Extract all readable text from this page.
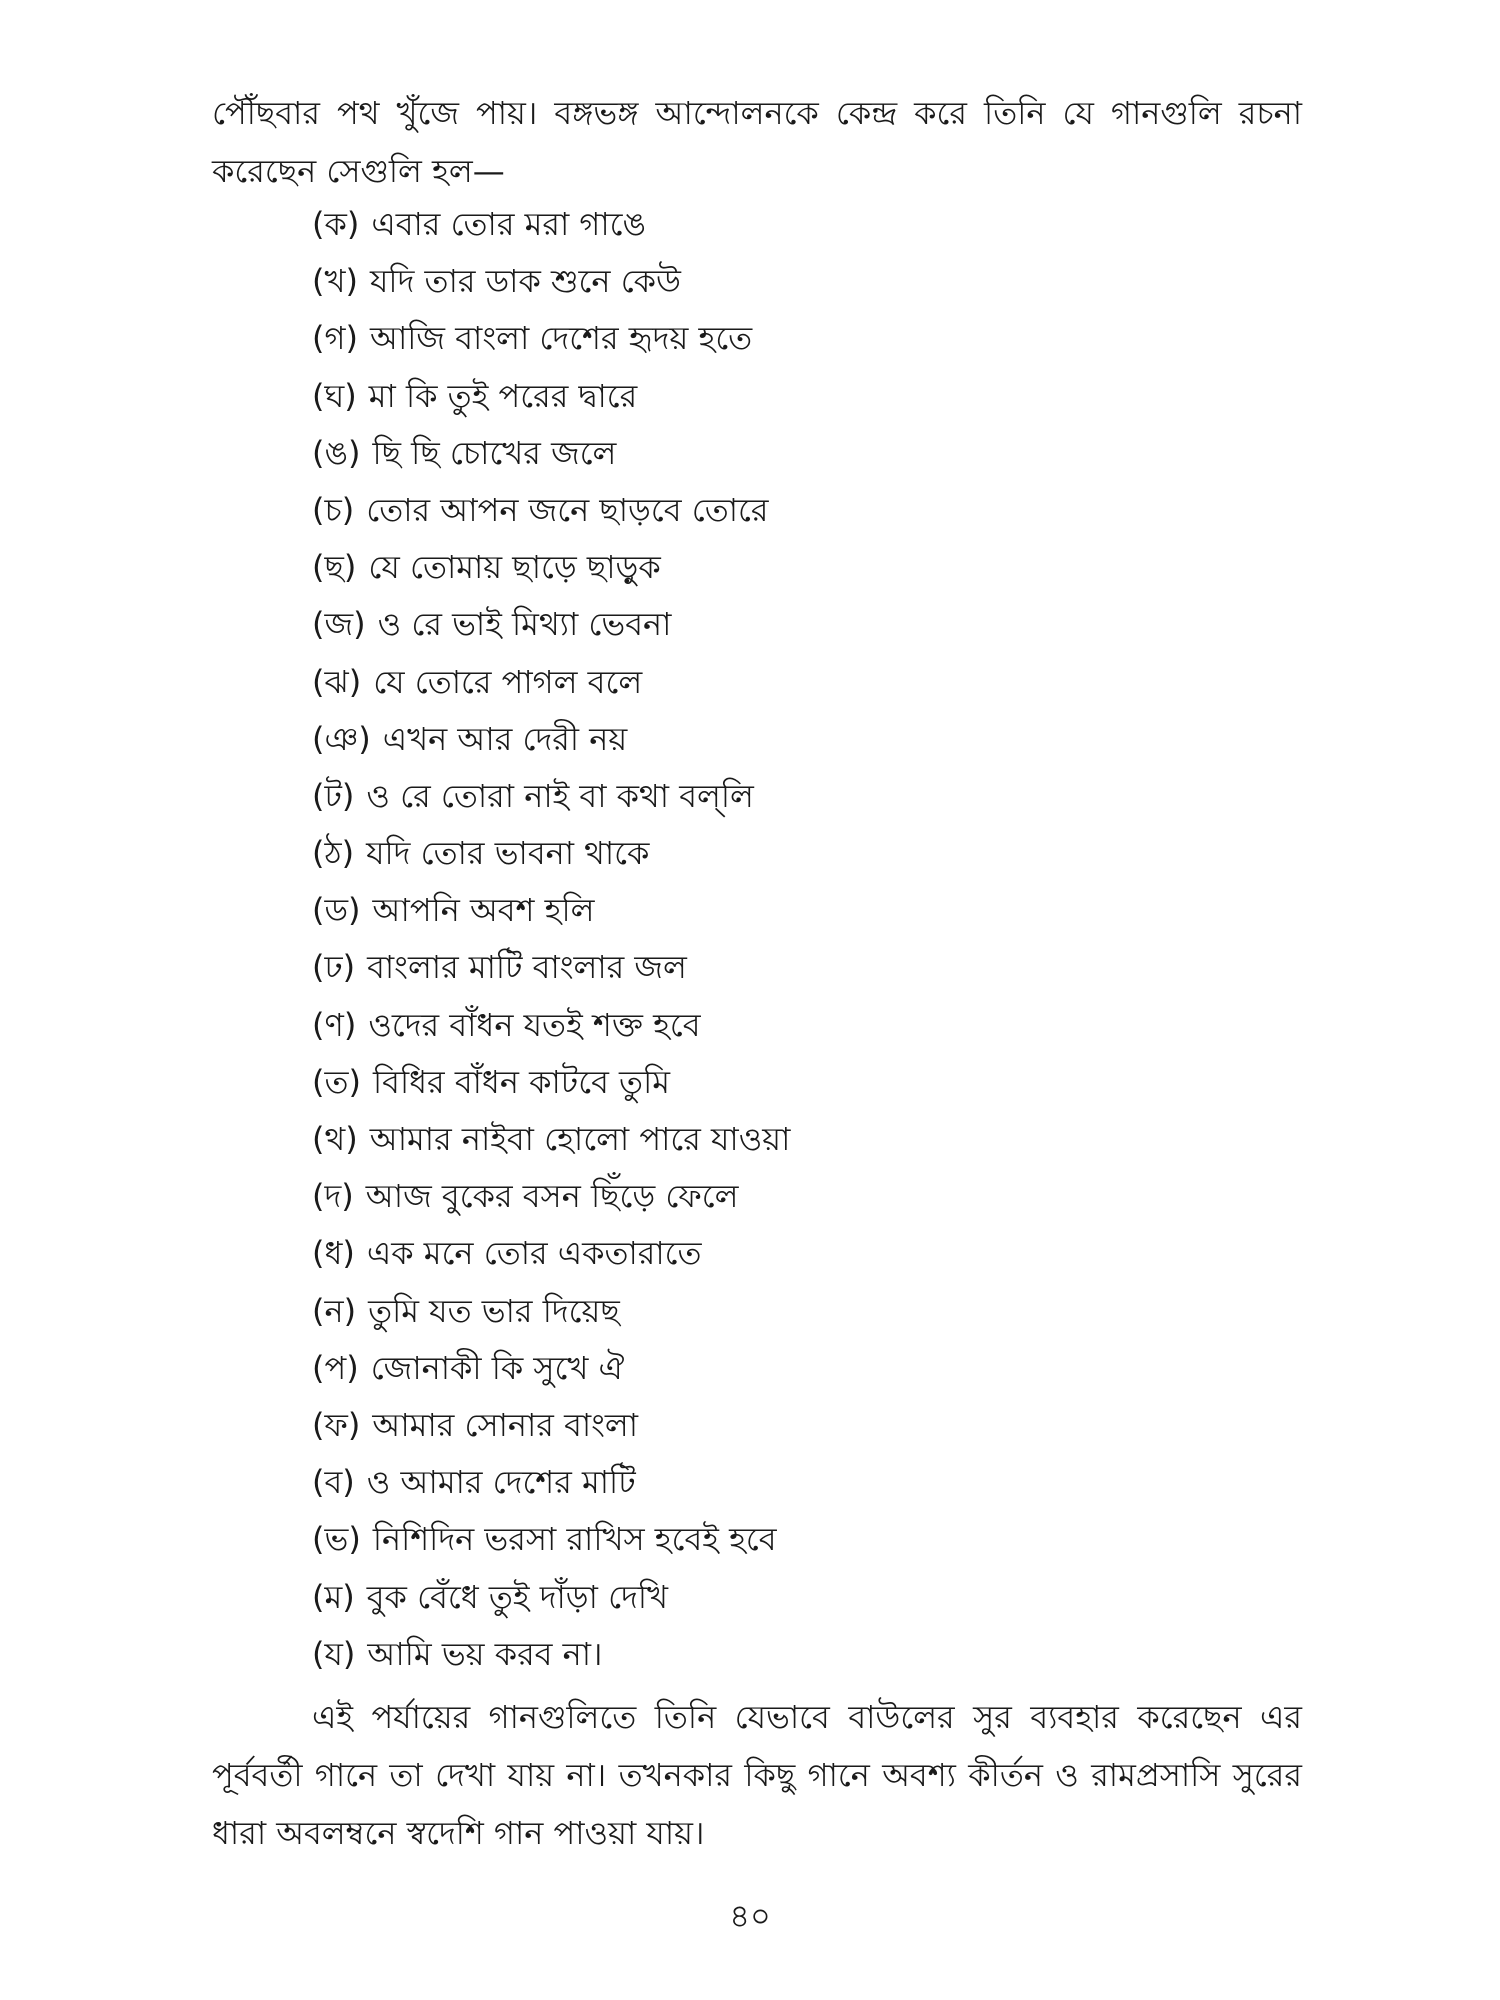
পৌঁছবার পথ খুঁজে পায়। বঙ্গভঙ্গ আন্দোলনকে কেন্দ্র করে তিনি যে গানগুলি রচনা করেছেন সেগুলি হল—

(ক) এবার তোর মরা গাঙে
(খ) যদি তার ডাক শুনে কেউ
(গ) আজি বাংলা দেশের হৃদয় হতে
(ঘ) মা কি তুই পরের দ্বারে
(ঙ) ছি ছি চোখের জলে
(চ) তোর আপন জনে ছাড়বে তোরে
(ছ) যে তোমায় ছাড়ে ছাড়ুক
(জ) ও রে ভাই মিথ্যা ভেবনা
(ঝ) যে তোরে পাগল বলে
(ঞ) এখন আর দেরী নয়
(ট) ও রে তোরা নাই বা কথা বল্‌লি
(ঠ) যদি তোর ভাবনা থাকে
(ড) আপনি অবশ হলি
(ঢ) বাংলার মাটি বাংলার জল
(ণ) ওদের বাঁধন যতই শক্ত হবে
(ত) বিধির বাঁধন কাটবে তুমি
(থ) আমার নাইবা হোলো পারে যাওয়া
(দ) আজ বুকের বসন ছিঁড়ে ফেলে
(ধ) এক মনে তোর একতারাতে
(ন) তুমি যত ভার দিয়েছ
(প) জোনাকী কি সুখে ঐ
(ফ) আমার সোনার বাংলা
(ব) ও আমার দেশের মাটি
(ভ) নিশিদিন ভরসা রাখিস হবেই হবে
(ম) বুক বেঁধে তুই দাঁড়া দেখি
(য) আমি ভয় করব না।

এই পর্যায়ের গানগুলিতে তিনি যেভাবে বাউলের সুর ব্যবহার করেছেন এর পূর্ববর্তী গানে তা দেখা যায় না। তখনকার কিছু গানে অবশ্য কীর্তন ও রামপ্রসাসি সুরের ধারা অবলম্বনে স্বদেশি গান পাওয়া যায়।

৪০
